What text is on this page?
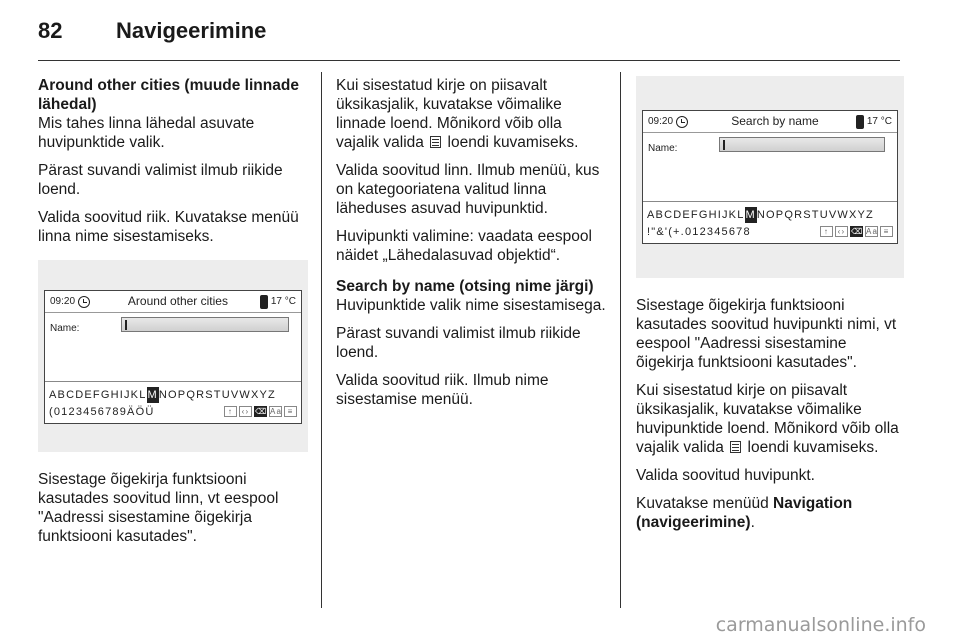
82	Navigeerimine
Around other cities (muude linnade lähedal)

Mis tahes linna lähedal asuvate huvipunktide valik.

Pärast suvandi valimist ilmub riikide loend.

Valida soovitud riik. Kuvatakse menüü linna nime sisestamiseks.

09:20	Around other cities	17 °C
Name:
ABCDEFGHIJKL M NOPQRSTUVWXYZ
(0123456789ÄÖÜ	↑	‹› ⌫ Aa ≡

Sisestage õigekirja funktsiooni kasutades soovitud linn, vt eespool "Aadressi sisestamine õigekirja funktsiooni kasutades".

Kui sisestatud kirje on piisavalt üksikasjalik, kuvatakse võimalike linnade loend. Mõnikord võib olla vajalik valida loendi kuvamiseks.

Valida soovitud linn. Ilmub menüü, kus on kategooriatena valitud linna läheduses asuvad huvipunktid.

Huvipunkti valimine: vaadata eespool näidet „Lähedalasuvad objektid“.

Search by name (otsing nime järgi)

Huvipunktide valik nime sisestamisega.

Pärast suvandi valimist ilmub riikide loend.

Valida soovitud riik. Ilmub nime sisestamise menüü.

09:20	Search by name	17 °C
Name:
ABCDEFGHIJKL M NOPQRSTUVWXYZ
!"&'(+.012345678	↑	‹› ⌫ Aa ≡

Sisestage õigekirja funktsiooni kasutades soovitud huvipunkti nimi, vt eespool "Aadressi sisestamine õigekirja funktsiooni kasutades".

Kui sisestatud kirje on piisavalt üksikasjalik, kuvatakse võimalike huvipunktide loend. Mõnikord võib olla vajalik valida loendi kuvamiseks.

Valida soovitud huvipunkt.

Kuvatakse menüüd Navigation (navigeerimine).

carmanualsonline.info
